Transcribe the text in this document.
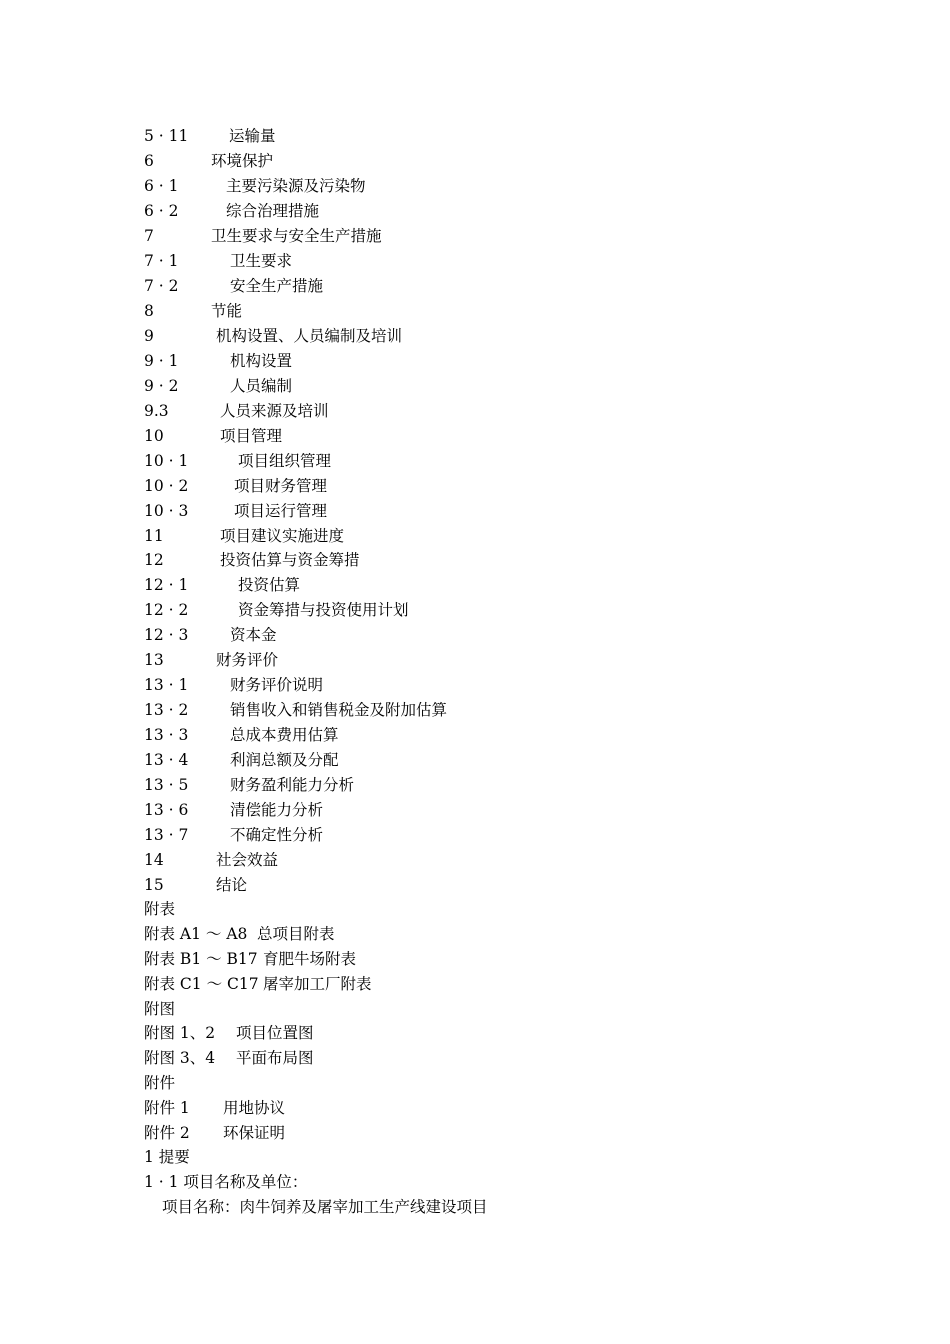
5 · 11	运输量
6	环境保护
6 · 1	主要污染源及污染物
6 · 2	综合治理措施
7	卫生要求与安全生产措施
7 · 1	卫生要求
7 · 2	安全生产措施
8	节能
9	机构设置、人员编制及培训
9 · 1	机构设置
9 · 2	人员编制
9.3	人员来源及培训
10	项目管理
10 · 1	项目组织管理
10 · 2	项目财务管理
10 · 3	项目运行管理
11	项目建议实施进度
12	投资估算与资金筹措
12 · 1	投资估算
12 · 2	资金筹措与投资使用计划
12 · 3	资本金
13	财务评价
13 · 1	财务评价说明
13 · 2	销售收入和销售税金及附加估算
13 · 3	总成本费用估算
13 · 4	利润总额及分配
13 · 5	财务盈利能力分析
13 · 6	清偿能力分析
13 · 7	不确定性分析
14	社会效益
15	结论
附表
附表 A1 ～ A8 总项目附表
附表 B1 ～ B17 育肥牛场附表
附表 C1 ～ C17 屠宰加工厂附表
附图
附图 1、2 项目位置图
附图 3、4 平面布局图
附件
附件 1 用地协议
附件 2 环保证明
1 提要
1 · 1 项目名称及单位：
项目名称：肉牛饲养及屠宰加工生产线建设项目
